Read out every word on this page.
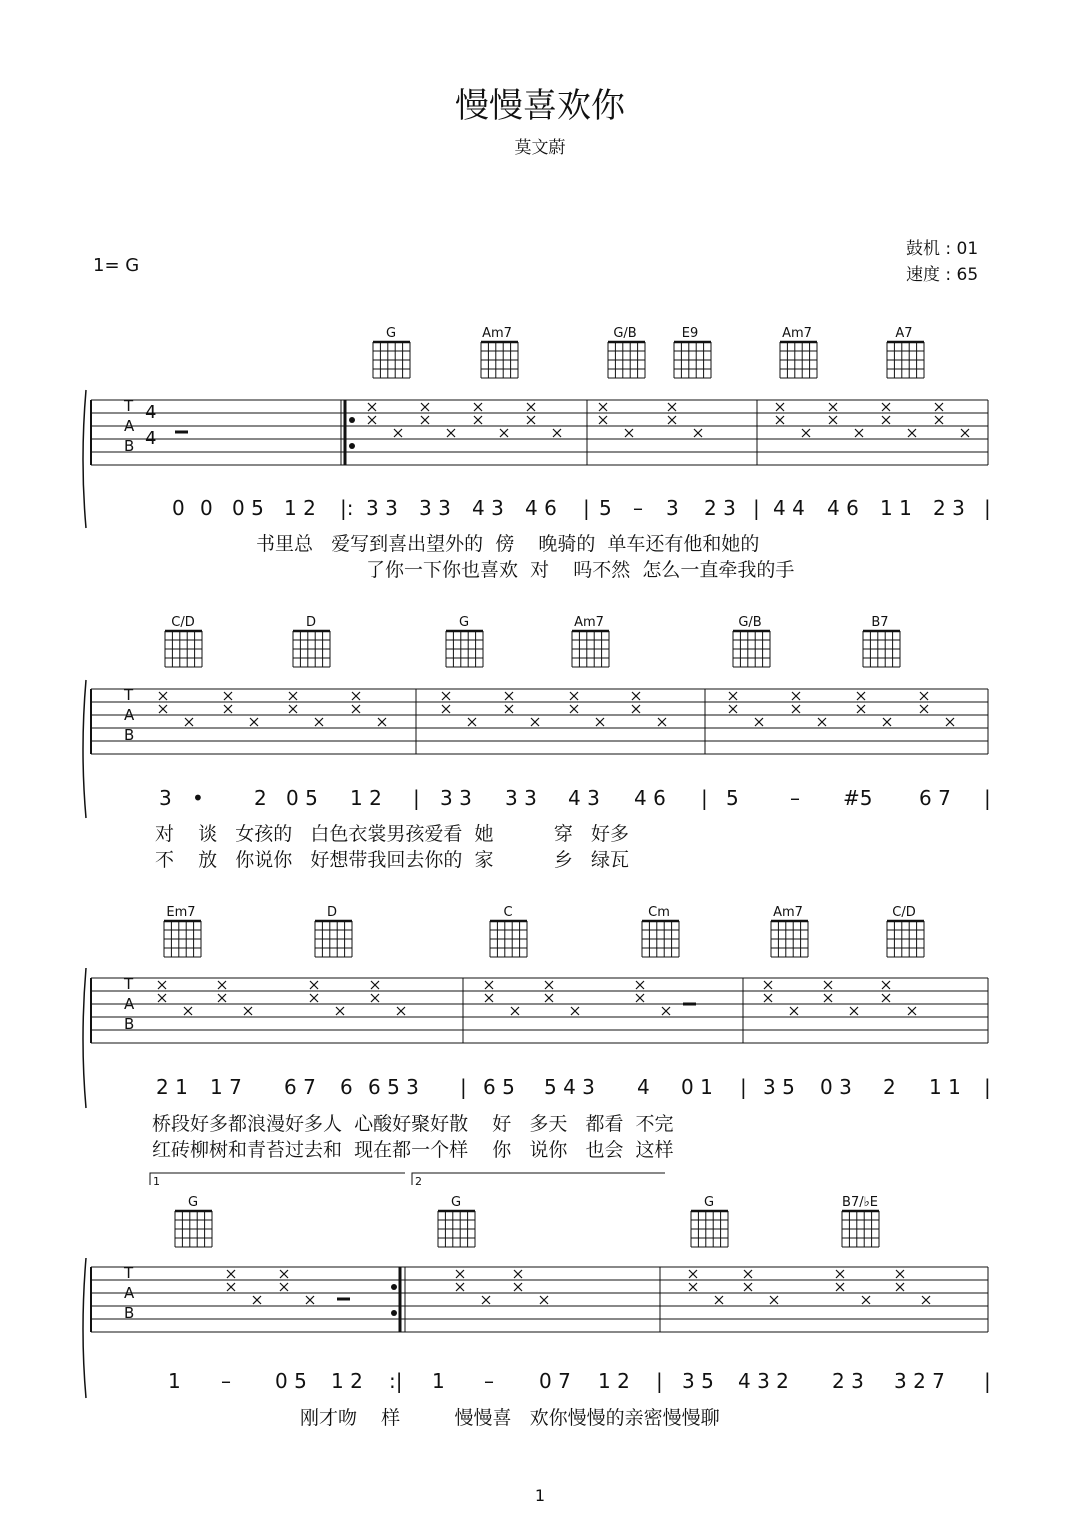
慢慢喜欢你
莫文蔚
1= G
鼓机 : 01
速度 : 65
T
A
B
4
4
T
A
B
T
A
B
T
A
B
1	2
G	Am7	G/B	E9	Am7	A7
C/D	D	G	Am7	G/B	B7
Em7	D	C	Cm	Am7	C/D
G	G	G	B7/♭E
0 0 0 5 1 2 |: 3 3 3 3 4 3 4 6 | 5 – 3 2 3 | 4 4 4 6 1 1 2 3 |
3 •	2 0 5 1 2 | 3 3 3 3 4 3 4 6 | 5	– #5 6 7 |
2 1 1 7 6 7 6 6 5 3 | 6 5 5 4 3 4 0 1 | 3 5 0 3 2 1 1 |
1 – 0 5 1 2 :| 1 – 0 7 1 2 | 3 5 4 3 2 2 3 3 2 7 |
书里总   爱写到喜出望外的  傍    晚骑的  单车还有他和她的
了你一下你也喜欢  对    吗不然  怎么一直牵我的手
对    谈   女孩的   白色衣裳男孩爱看  她          穿   好多
不    放   你说你   好想带我回去你的  家          乡   绿瓦
桥段好多都浪漫好多人  心酸好聚好散    好   多天   都看  不完
红砖柳树和青苔过去和  现在都一个样    你   说你   也会  这样
刚才吻    样         慢慢喜   欢你慢慢的亲密慢慢聊
1
